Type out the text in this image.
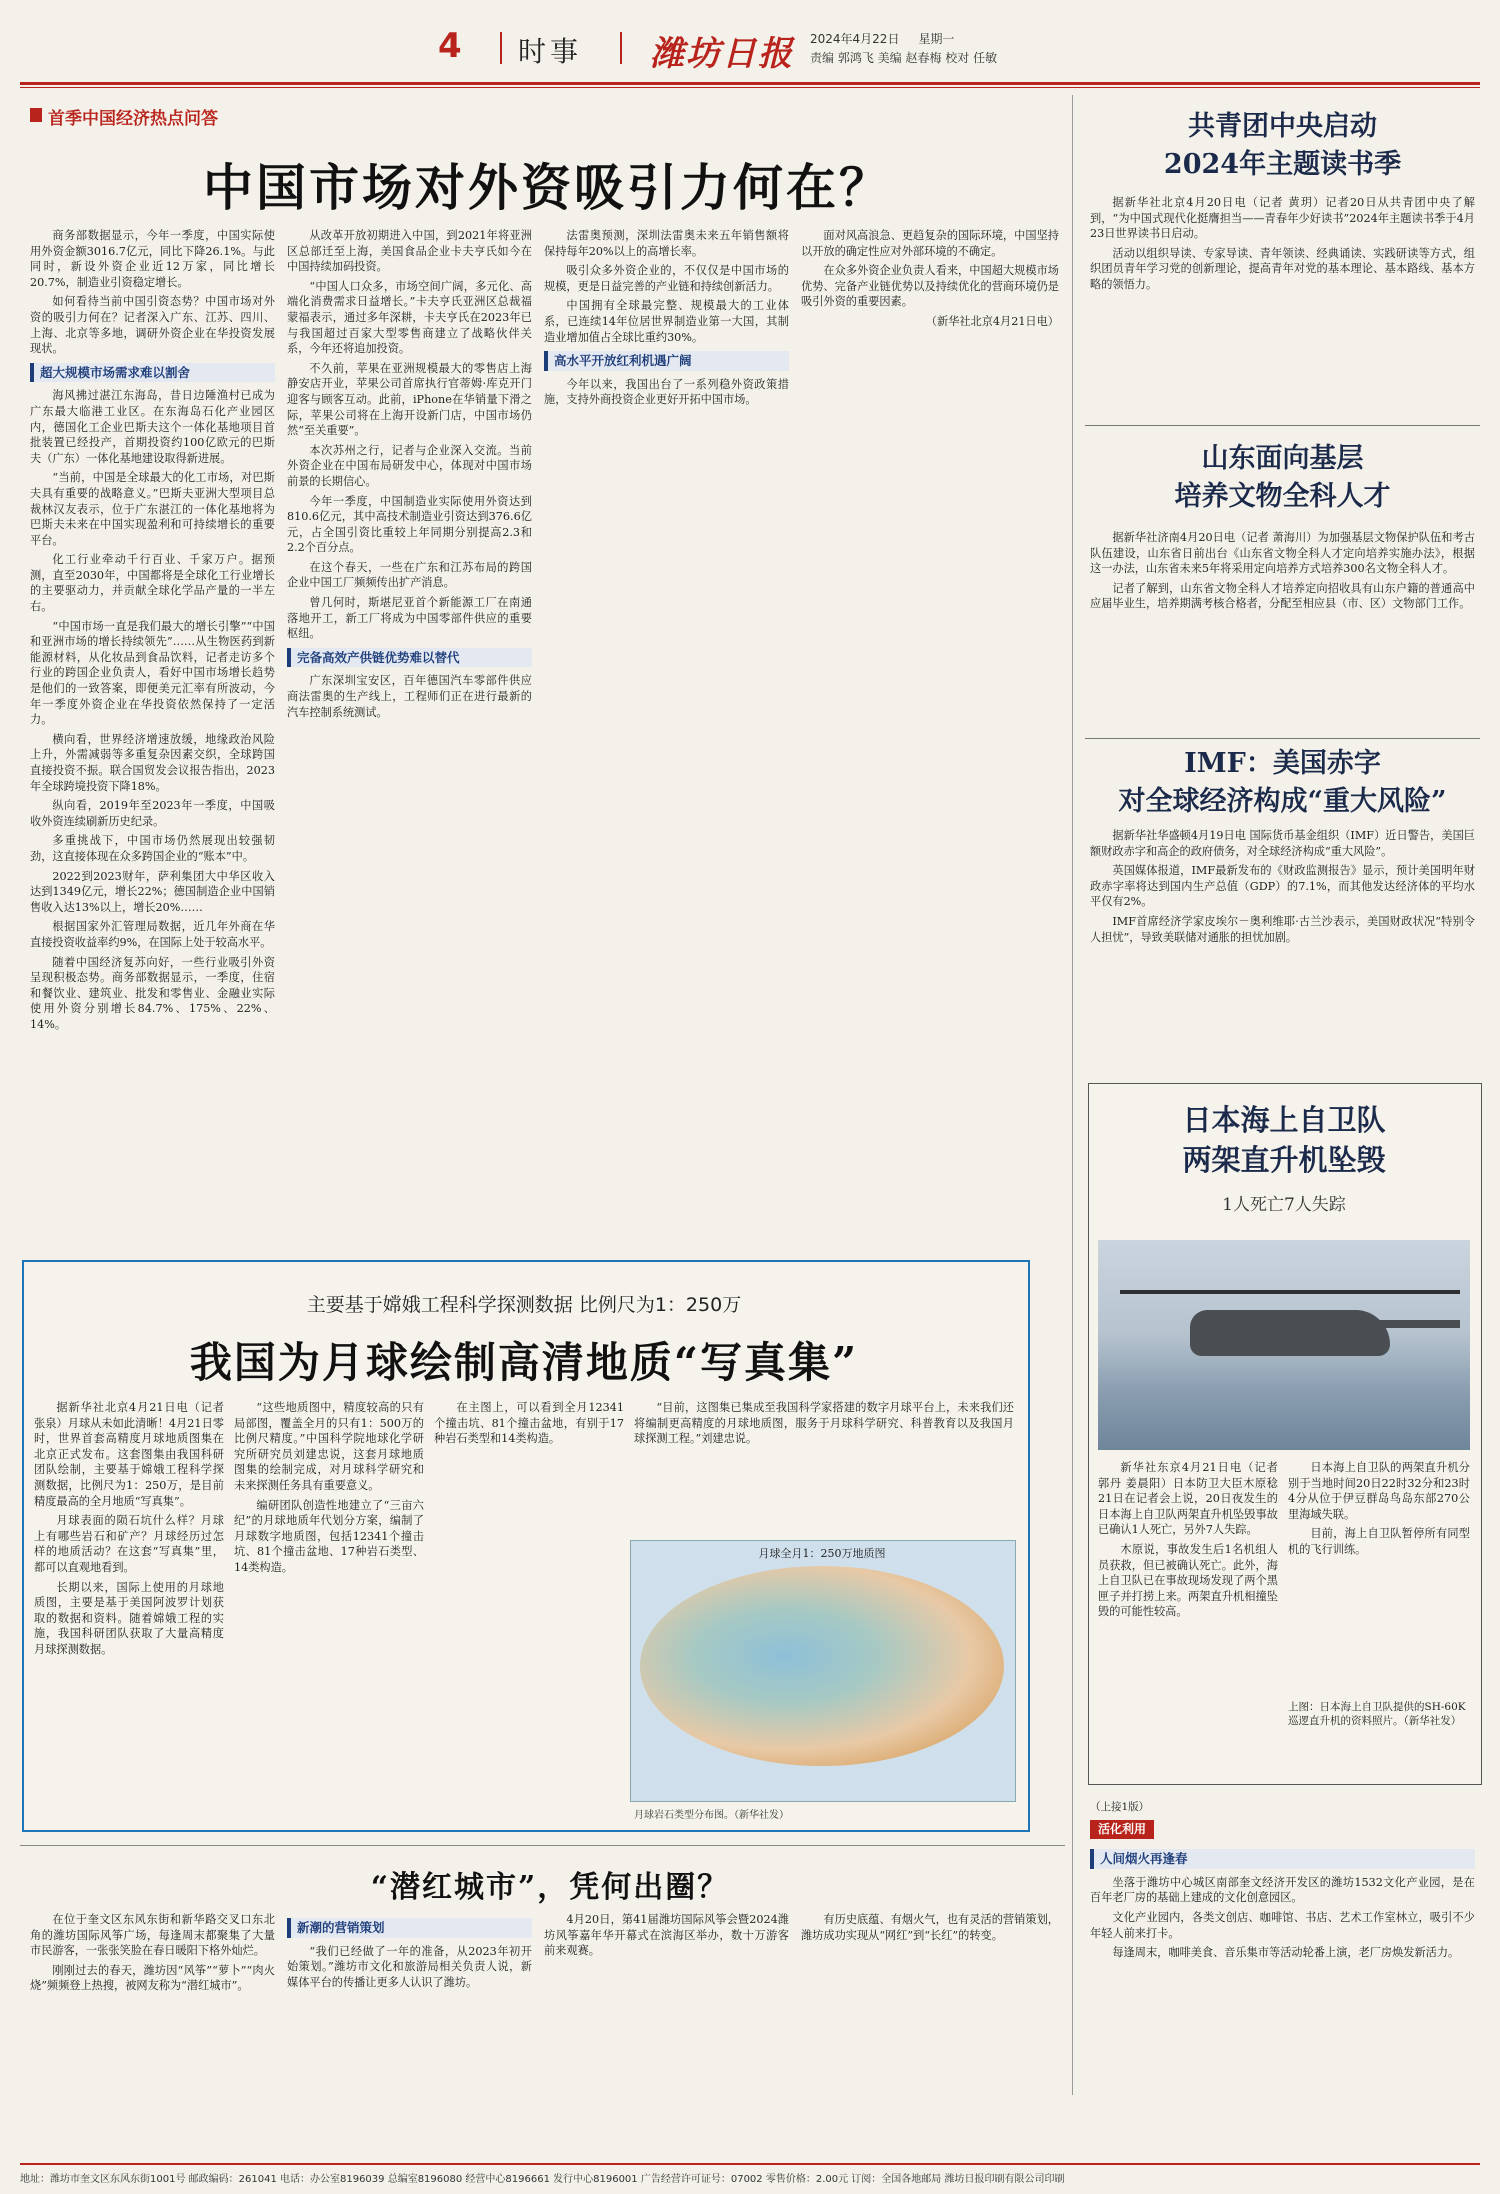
4 时事 潍坊日报 2024年4月22日 星期一
责编 郭鸿飞 美编 赵春梅 校对 任敏
首季中国经济热点问答
中国市场对外资吸引力何在？

商务部数据显示，今年一季度，中国实际使用外资金额3016.7亿元，同比下降26.1%。与此同时，新设外资企业近12万家，同比增长20.7%，制造业引资稳定增长。

如何看待当前中国引资态势？中国市场对外资的吸引力何在？记者深入广东、江苏、四川、上海、北京等多地，调研外资企业在华投资发展现状。

超大规模市场需求难以割舍

海风拂过湛江东海岛，昔日边陲渔村已成为广东最大临港工业区。在东海岛石化产业园区内，德国化工企业巴斯夫这个一体化基地项目首批装置已经投产，首期投资约100亿欧元的巴斯夫（广东）一体化基地建设取得新进展。

“当前，中国是全球最大的化工市场，对巴斯夫具有重要的战略意义。”巴斯夫亚洲大型项目总裁林汉友表示，位于广东湛江的一体化基地将为巴斯夫未来在中国实现盈利和可持续增长的重要平台。

化工行业牵动千行百业、千家万户。据预测，直至2030年，中国都将是全球化工行业增长的主要驱动力，并贡献全球化学品产量的一半左右。

“中国市场一直是我们最大的增长引擎”“中国和亚洲市场的增长持续领先”……从生物医药到新能源材料，从化妆品到食品饮料，记者走访多个行业的跨国企业负责人，看好中国市场增长趋势是他们的一致答案，即便美元汇率有所波动，今年一季度外资企业在华投资依然保持了一定活力。

横向看，世界经济增速放缓，地缘政治风险上升，外需减弱等多重复杂因素交织，全球跨国直接投资不振。联合国贸发会议报告指出，2023年全球跨境投资下降18%。

纵向看，2019年至2023年一季度，中国吸收外资连续刷新历史纪录。

多重挑战下，中国市场仍然展现出较强韧劲，这直接体现在众多跨国企业的“账本”中。

2022到2023财年，萨利集团大中华区收入达到1349亿元，增长22%；德国制造企业中国销售收入达13%以上，增长20%……

根据国家外汇管理局数据，近几年外商在华直接投资收益率约9%，在国际上处于较高水平。

随着中国经济复苏向好，一些行业吸引外资呈现积极态势。商务部数据显示，一季度，住宿和餐饮业、建筑业、批发和零售业、金融业实际使用外资分别增长84.7%、175%、22%、14%。

从改革开放初期进入中国，到2021年将亚洲区总部迁至上海，美国食品企业卡夫亨氏如今在中国持续加码投资。

“中国人口众多，市场空间广阔，多元化、高端化消费需求日益增长。”卡夫亨氏亚洲区总裁福蒙福表示，通过多年深耕，卡夫亨氏在2023年已与我国超过百家大型零售商建立了战略伙伴关系，今年还将追加投资。

不久前，苹果在亚洲规模最大的零售店上海静安店开业，苹果公司首席执行官蒂姆·库克开门迎客与顾客互动。此前，iPhone在华销量下滑之际，苹果公司将在上海开设新门店，中国市场仍然“至关重要”。

本次苏州之行，记者与企业深入交流。当前外资企业在中国布局研发中心，体现对中国市场前景的长期信心。

今年一季度，中国制造业实际使用外资达到810.6亿元，其中高技术制造业引资达到376.6亿元，占全国引资比重较上年同期分别提高2.3和2.2个百分点。

在这个春天，一些在广东和江苏布局的跨国企业中国工厂频频传出扩产消息。

曾几何时，斯堪尼亚首个新能源工厂在南通落地开工，新工厂将成为中国零部件供应的重要枢纽。

完备高效产供链优势难以替代

广东深圳宝安区，百年德国汽车零部件供应商法雷奥的生产线上，工程师们正在进行最新的汽车控制系统测试。

法雷奥预测，深圳法雷奥未来五年销售额将保持每年20%以上的高增长率。

吸引众多外资企业的，不仅仅是中国市场的规模，更是日益完善的产业链和持续创新活力。

中国拥有全球最完整、规模最大的工业体系，已连续14年位居世界制造业第一大国，其制造业增加值占全球比重约30%。

高水平开放红利机遇广阔

今年以来，我国出台了一系列稳外资政策措施，支持外商投资企业更好开拓中国市场。

面对风高浪急、更趋复杂的国际环境，中国坚持以开放的确定性应对外部环境的不确定。

在众多外资企业负责人看来，中国超大规模市场优势、完备产业链优势以及持续优化的营商环境仍是吸引外资的重要因素。

（新华社北京4月21日电）

共青团中央启动
2024年主题读书季

据新华社北京4月20日电（记者 黄玥）记者20日从共青团中央了解到，“为中国式现代化挺膺担当——青春年少好读书”2024年主题读书季于4月23日世界读书日启动。

活动以组织导读、专家导读、青年领读、经典诵读、实践研读等方式，组织团员青年学习党的创新理论，提高青年对党的基本理论、基本路线、基本方略的领悟力。

山东面向基层
培养文物全科人才

据新华社济南4月20日电（记者 萧海川）为加强基层文物保护队伍和考古队伍建设，山东省日前出台《山东省文物全科人才定向培养实施办法》，根据这一办法，山东省未来5年将采用定向培养方式培养300名文物全科人才。

记者了解到，山东省文物全科人才培养定向招收具有山东户籍的普通高中应届毕业生，培养期满考核合格者，分配至相应县（市、区）文物部门工作。

IMF：美国赤字
对全球经济构成“重大风险”

据新华社华盛顿4月19日电 国际货币基金组织（IMF）近日警告，美国巨额财政赤字和高企的政府债务，对全球经济构成“重大风险”。

英国媒体报道，IMF最新发布的《财政监测报告》显示，预计美国明年财政赤字率将达到国内生产总值（GDP）的7.1%，而其他发达经济体的平均水平仅有2%。

IMF首席经济学家皮埃尔－奥利维耶·古兰沙表示，美国财政状况“特别令人担忧”，导致美联储对通胀的担忧加剧。

日本海上自卫队
两架直升机坠毁
1人死亡7人失踪

新华社东京4月21日电（记者 郭丹 姜晨阳）日本防卫大臣木原稔21日在记者会上说，20日夜发生的日本海上自卫队两架直升机坠毁事故已确认1人死亡，另外7人失踪。

木原说，事故发生后1名机组人员获救，但已被确认死亡。此外，海上自卫队已在事故现场发现了两个黑匣子并打捞上来。两架直升机相撞坠毁的可能性较高。

日本海上自卫队的两架直升机分别于当地时间20日22时32分和23时4分从位于伊豆群岛鸟岛东部270公里海域失联。

目前，海上自卫队暂停所有同型机的飞行训练。

上图：日本海上自卫队提供的SH-60K巡逻直升机的资料照片。（新华社发）
主要基于嫦娥工程科学探测数据 比例尺为1：250万
我国为月球绘制高清地质“写真集”

据新华社北京4月21日电（记者 张泉）月球从未如此清晰！4月21日零时，世界首套高精度月球地质图集在北京正式发布。这套图集由我国科研团队绘制，主要基于嫦娥工程科学探测数据，比例尺为1：250万，是目前精度最高的全月地质“写真集”。

月球表面的陨石坑什么样？月球上有哪些岩石和矿产？月球经历过怎样的地质活动？在这套“写真集”里，都可以直观地看到。

长期以来，国际上使用的月球地质图，主要是基于美国阿波罗计划获取的数据和资料。随着嫦娥工程的实施，我国科研团队获取了大量高精度月球探测数据。

“这些地质图中，精度较高的只有局部图，覆盖全月的只有1：500万的比例尺精度。”中国科学院地球化学研究所研究员刘建忠说，这套月球地质图集的绘制完成，对月球科学研究和未来探测任务具有重要意义。

编研团队创造性地建立了“三亩六纪”的月球地质年代划分方案，编制了月球数字地质图，包括12341个撞击坑、81个撞击盆地、17种岩石类型、14类构造。

在主图上，可以看到全月12341个撞击坑、81个撞击盆地，有别于17种岩石类型和14类构造。

“目前，这图集已集成至我国科学家搭建的数字月球平台上，未来我们还将编制更高精度的月球地质图，服务于月球科学研究、科普教育以及我国月球探测工程。”刘建忠说。

月球全月1：250万地质图
月球岩石类型分布图。（新华社发）
“潜红城市”，凭何出圈？

在位于奎文区东风东街和新华路交叉口东北角的潍坊国际风筝广场，每逢周末都聚集了大量市民游客，一张张笑脸在春日暖阳下格外灿烂。

刚刚过去的春天，潍坊因“风筝”“萝卜”“肉火烧”频频登上热搜，被网友称为“潜红城市”。

新潮的营销策划

“我们已经做了一年的准备，从2023年初开始策划。”潍坊市文化和旅游局相关负责人说，新媒体平台的传播让更多人认识了潍坊。

4月20日，第41届潍坊国际风筝会暨2024潍坊风筝嘉年华开幕式在滨海区举办，数十万游客前来观赛。

有历史底蕴、有烟火气，也有灵活的营销策划，潍坊成功实现从“网红”到“长红”的转变。

（上接1版）
活化利用
人间烟火再逢春

坐落于潍坊中心城区南部奎文经济开发区的潍坊1532文化产业园，是在百年老厂房的基础上建成的文化创意园区。

文化产业园内，各类文创店、咖啡馆、书店、艺术工作室林立，吸引不少年轻人前来打卡。

每逢周末，咖啡美食、音乐集市等活动轮番上演，老厂房焕发新活力。

地址：潍坊市奎文区东风东街1001号 邮政编码：261041 电话：办公室8196039 总编室8196080 经营中心8196661 发行中心8196001 广告经营许可证号：07002 零售价格：2.00元 订阅：全国各地邮局 潍坊日报印刷有限公司印刷
